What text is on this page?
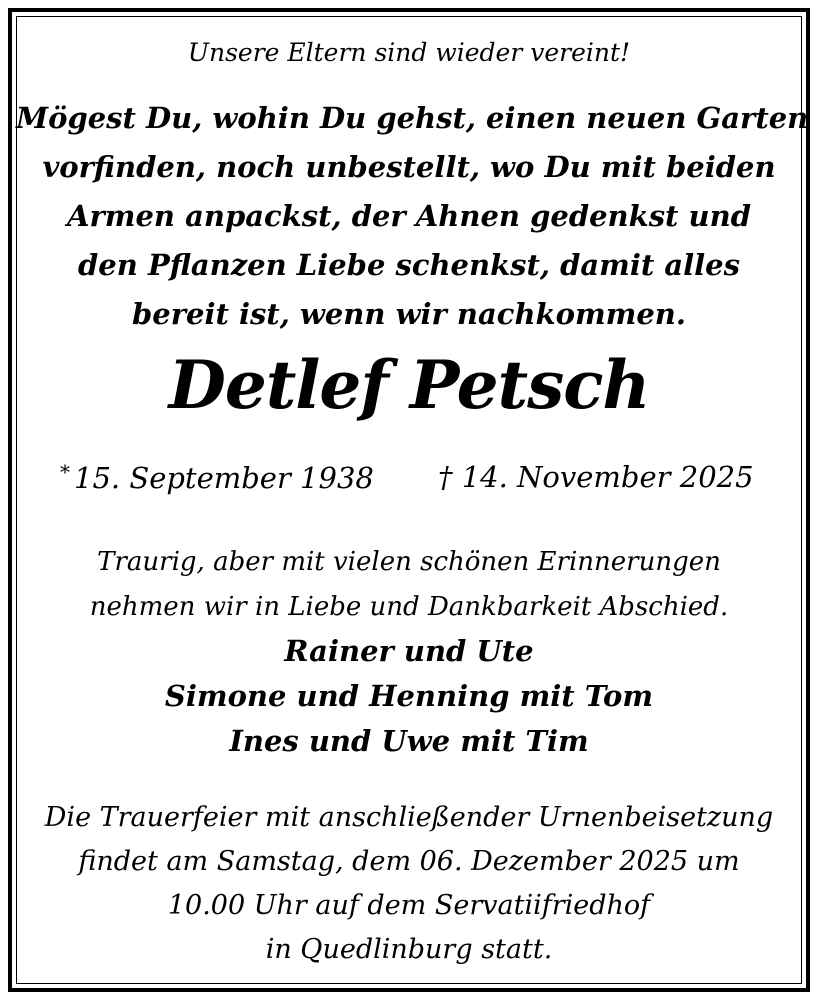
Unsere Eltern sind wieder vereint!
Mögest Du, wohin Du gehst, einen neuen Garten
vorfinden, noch unbestellt, wo Du mit beiden
Armen anpackst, der Ahnen gedenkst und
den Pflanzen Liebe schenkst, damit alles
bereit ist, wenn wir nachkommen.
Detlef Petsch
* 15. September 1938 † 14. November 2025
Traurig, aber mit vielen schönen Erinnerungen
nehmen wir in Liebe und Dankbarkeit Abschied.
Rainer und Ute
Simone und Henning mit Tom
Ines und Uwe mit Tim
Die Trauerfeier mit anschließender Urnenbeisetzung
findet am Samstag, dem 06. Dezember 2025 um
10.00 Uhr auf dem Servatiifriedhof
in Quedlinburg statt.
